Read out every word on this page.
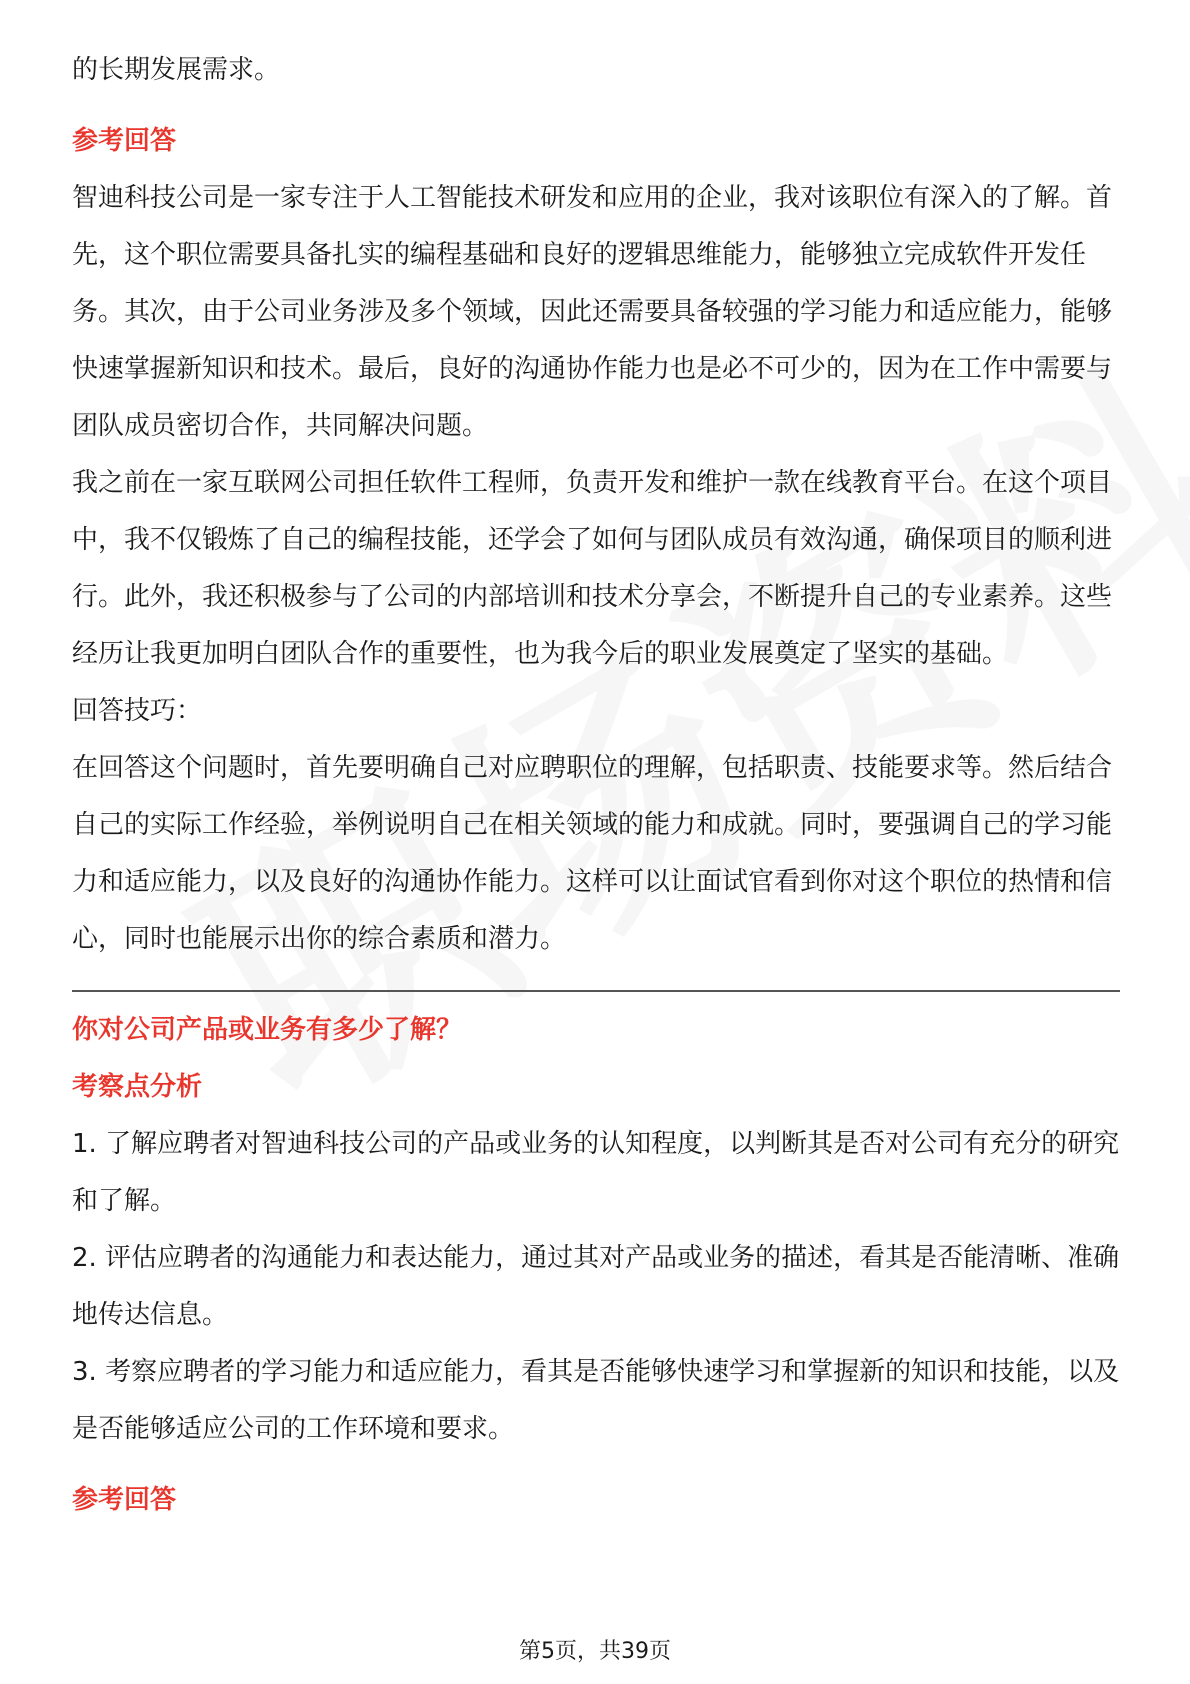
的长期发展需求。

参考回答

智迪科技公司是一家专注于人工智能技术研发和应用的企业，我对该职位有深入的了解。首先，这个职位需要具备扎实的编程基础和良好的逻辑思维能力，能够独立完成软件开发任务。其次，由于公司业务涉及多个领域，因此还需要具备较强的学习能力和适应能力，能够快速掌握新知识和技术。最后，良好的沟通协作能力也是必不可少的，因为在工作中需要与团队成员密切合作，共同解决问题。

我之前在一家互联网公司担任软件工程师，负责开发和维护一款在线教育平台。在这个项目中，我不仅锻炼了自己的编程技能，还学会了如何与团队成员有效沟通，确保项目的顺利进行。此外，我还积极参与了公司的内部培训和技术分享会，不断提升自己的专业素养。这些经历让我更加明白团队合作的重要性，也为我今后的职业发展奠定了坚实的基础。

回答技巧：

在回答这个问题时，首先要明确自己对应聘职位的理解，包括职责、技能要求等。然后结合自己的实际工作经验，举例说明自己在相关领域的能力和成就。同时，要强调自己的学习能力和适应能力，以及良好的沟通协作能力。这样可以让面试官看到你对这个职位的热情和信心，同时也能展示出你的综合素质和潜力。

你对公司产品或业务有多少了解？

考察点分析

1. 了解应聘者对智迪科技公司的产品或业务的认知程度，以判断其是否对公司有充分的研究和了解。

2. 评估应聘者的沟通能力和表达能力，通过其对产品或业务的描述，看其是否能清晰、准确地传达信息。

3. 考察应聘者的学习能力和适应能力，看其是否能够快速学习和掌握新的知识和技能，以及是否能够适应公司的工作环境和要求。

参考回答

第5页，共39页
